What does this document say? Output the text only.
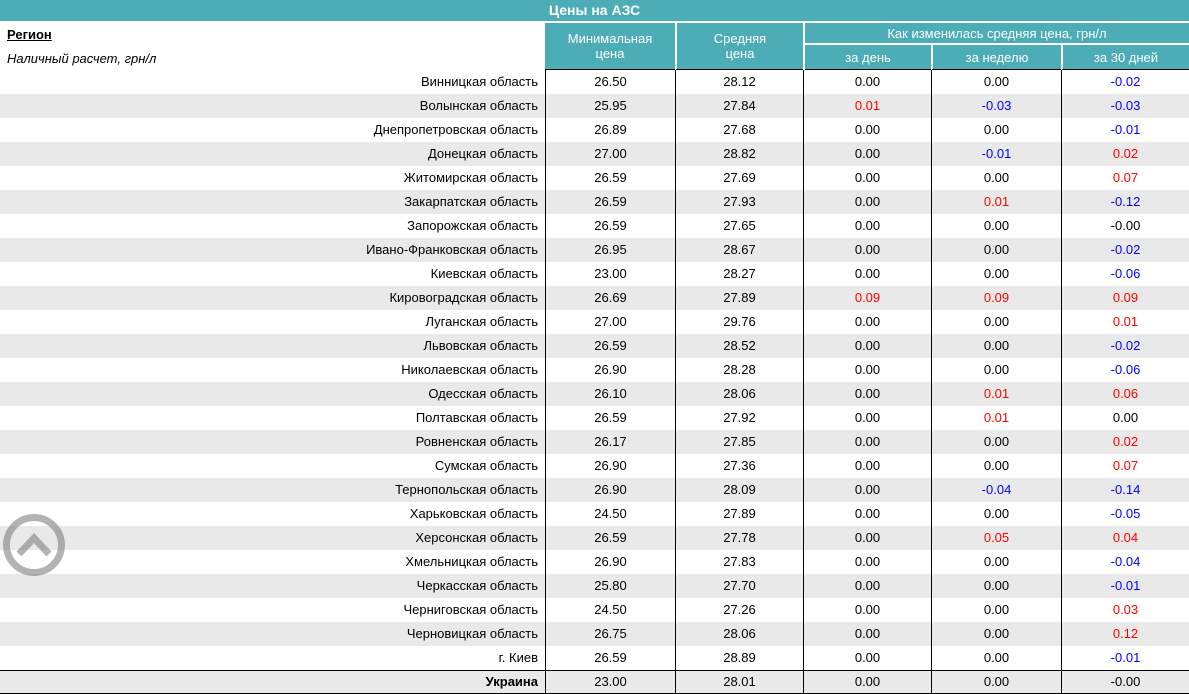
Цены на АЗС
Регион
Наличный расчет, грн/л
Минимальная цена
Средняя цена
Как изменилась средняя цена, грн/л
за день	за неделю	за 30 дней
Винницкая область	26.50	28.12	0.00	0.00	-0.02
Волынская область	25.95	27.84	0.01	-0.03	-0.03
Днепропетровская область	26.89	27.68	0.00	0.00	-0.01
Донецкая область	27.00	28.82	0.00	-0.01	0.02
Житомирская область	26.59	27.69	0.00	0.00	0.07
Закарпатская область	26.59	27.93	0.00	0.01	-0.12
Запорожская область	26.59	27.65	0.00	0.00	-0.00
Ивано-Франковская область	26.95	28.67	0.00	0.00	-0.02
Киевская область	23.00	28.27	0.00	0.00	-0.06
Кировоградская область	26.69	27.89	0.09	0.09	0.09
Луганская область	27.00	29.76	0.00	0.00	0.01
Львовская область	26.59	28.52	0.00	0.00	-0.02
Николаевская область	26.90	28.28	0.00	0.00	-0.06
Одесская область	26.10	28.06	0.00	0.01	0.06
Полтавская область	26.59	27.92	0.00	0.01	0.00
Ровненская область	26.17	27.85	0.00	0.00	0.02
Сумская область	26.90	27.36	0.00	0.00	0.07
Тернопольская область	26.90	28.09	0.00	-0.04	-0.14
Харьковская область	24.50	27.89	0.00	0.00	-0.05
Херсонская область	26.59	27.78	0.00	0.05	0.04
Хмельницкая область	26.90	27.83	0.00	0.00	-0.04
Черкасская область	25.80	27.70	0.00	0.00	-0.01
Черниговская область	24.50	27.26	0.00	0.00	0.03
Черновицкая область	26.75	28.06	0.00	0.00	0.12
г. Киев	26.59	28.89	0.00	0.00	-0.01
Украина	23.00	28.01	0.00	0.00	-0.00
